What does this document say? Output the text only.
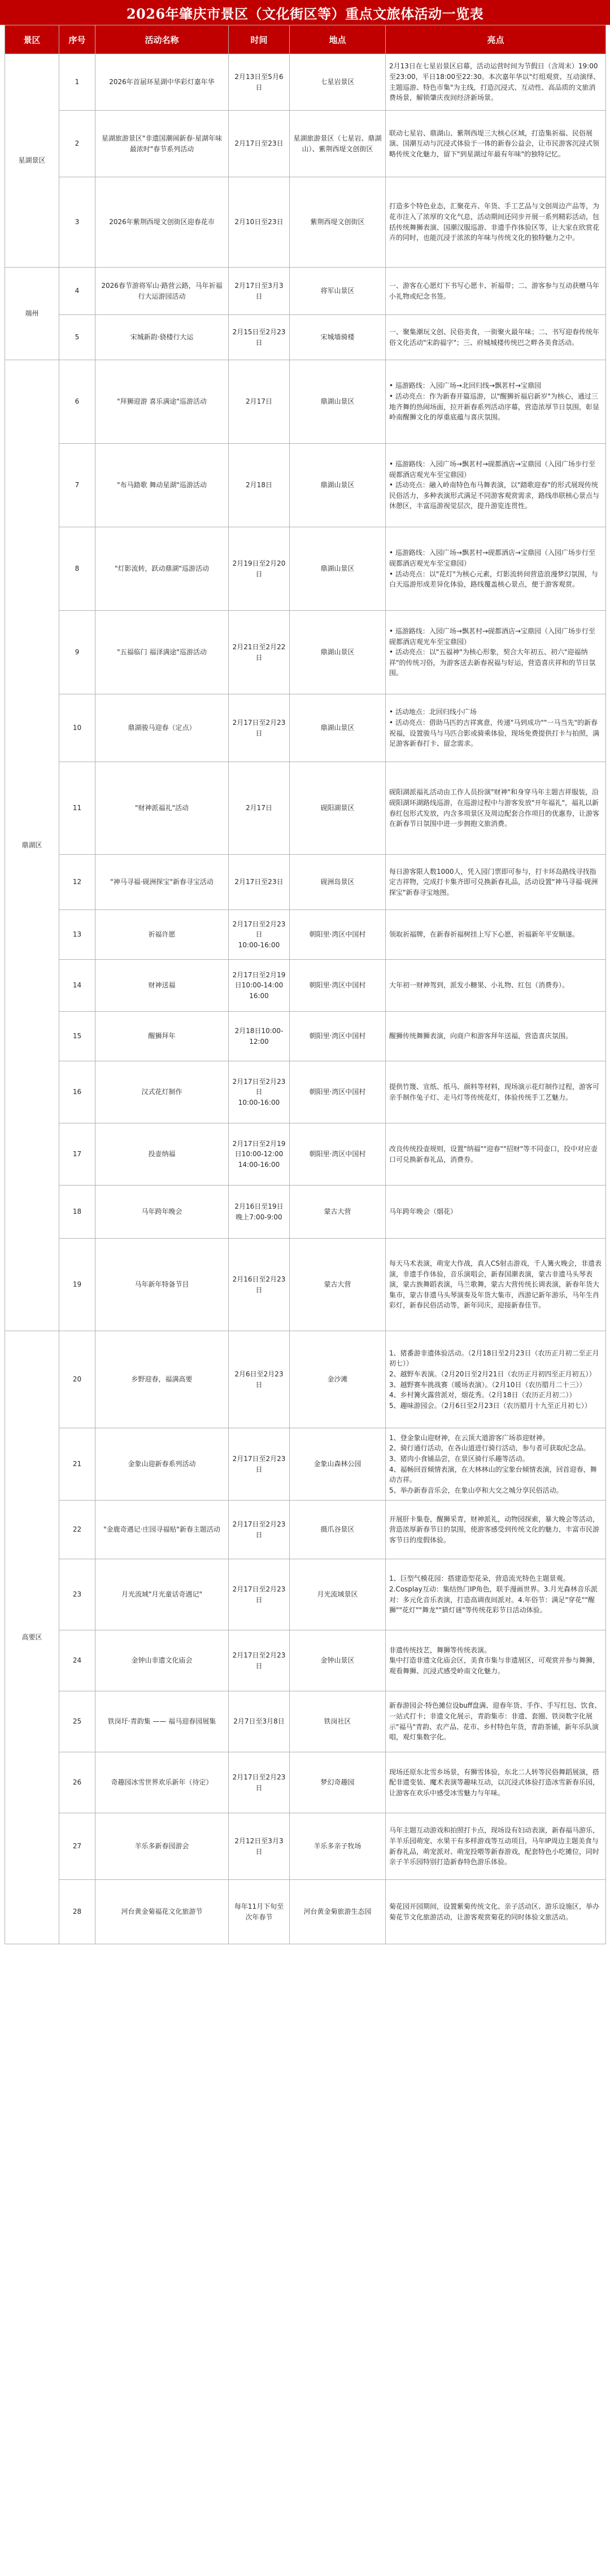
2026年肇庆市景区（文化街区等）重点文旅体活动一览表
景区	序号	活动名称	时间	地点	亮点
星湖景区	1	2026年首届环星湖中华彩灯嘉年华	2月13日至5月6日	七星岩景区	2月13日在七星岩景区启幕，活动运营时间为节假日（含周末）19:00至23:00，平日18:00至22:30。本次嘉年华以"灯组观赏、互动演绎、主题巡游、特色市集"为主线，打造沉浸式、互动性、高品质的文旅消费场景，解锁肇庆夜间经济新场景。
	2	星湖旅游景区"非遗国潮闹新春·星湖年味最浓时"春节系列活动	2月17日至23日	星湖旅游景区（七星岩、鼎湖山）、紫荆西堤文创街区	联动七星岩、鼎湖山、紫荆西堤三大核心区域，打造集祈福、民俗展演、国潮互动与沉浸式体验于一体的新春公益会，让市民游客沉浸式领略传统文化魅力，留下"到星湖过年最有年味"的独特记忆。
	3	2026年紫荆西堤文创街区迎春花市	2月10日至23日	紫荆西堤文创街区	打造多个特色业态，汇聚花卉、年货、手工艺品与文创周边产品等，为花市注入了浓厚的文化气息，活动期间还同步开展一系列精彩活动，包括传统舞狮表演、国潮汉服巡游、非遗手作体验区等，让大家在欣赏花卉的同时，也能沉浸于浓浓的年味与传统文化的独特魅力之中。
端州	4	2026春节游将军山·路营云路，马年祈福行大运游园活动	2月17日至3月3日	将军山景区	一、游客在心愿灯下书写心愿卡、祈福带；二、游客参与互动获赠马年小礼物或纪念书签。
	5	宋城新韵·骁楼行大运	2月15日至2月23日	宋城墙骑楼	一、聚集潮玩文创、民俗美食，一街聚火最年味；二、书写迎春传统年俗文化活动"宋韵福字"；三、府城城楼传统巴之畔各美食活动。
鼎湖区	6	"拜狮迎游 喜乐满途"巡游活动	2月17日	鼎湖山景区	• 巡游路线：入园广场→北回归线→飘茗村→宝鼎园
• 活动亮点：作为新春开篇巡游，以"醒狮祈福启新岁"为核心，通过三地齐舞的热闹场面，拉开新春系列活动序幕，营造浓厚节日氛围，彰显岭南醒狮文化的厚重底蕴与喜庆氛围。
	7	"布马踏歌 舞动星湖"巡游活动	2月18日	鼎湖山景区	• 巡游路线：入园广场→飘茗村→砚都酒店→宝鼎园（入园广场步行至砚都酒店观光车至宝鼎园）
• 活动亮点：融入岭南特色布马舞表演，以"踏歌迎春"的形式展现传统民俗活力，多种表演形式满足不同游客观赏需求，路线串联核心景点与休憩区，丰富巡游视觉层次，提升游览连贯性。
	8	"灯影流转，跃动鼎湖"巡游活动	2月19日至2月20日	鼎湖山景区	• 巡游路线：入园广场→飘茗村→砚都酒店→宝鼎园（入园广场步行至砚都酒店观光车至宝鼎园）
• 活动亮点：以"花灯"为核心元素，灯影流转间营造浪漫梦幻氛围，与白天巡游形成差异化体验，路线覆盖核心景点，便于游客观赏。
	9	"五福临门 福泽满途"巡游活动	2月21日至2月22日	鼎湖山景区	• 巡游路线：入园广场→飘茗村→砚都酒店→宝鼎园（入园广场步行至砚都酒店观光车至宝鼎园）
• 活动亮点：以"五福神"为核心形象，契合大年初五、初六"迎福纳祥"的传统习俗，为游客送去新春祝福与好运，营造喜庆祥和的节日氛围。
	10	鼎湖骏马迎春（定点）	2月17日至2月23日	鼎湖山景区	• 活动地点：北回归线小广场
• 活动亮点：借助马匹的吉祥寓意，传递"马到成功""一马当先"的新春祝福，设置骏马与马匹合影或骑乘体验，现场免费提供打卡与拍照，满足游客新春打卡、留念需求。
	11	"财神派福礼"活动	2月17日	砚阳湖景区	砚阳湖派福礼活动由工作人员扮演"财神"和身穿马年主题吉祥服装，沿砚阳湖环湖路线巡游，在巡游过程中与游客发放"开年福礼"，福礼以新春红包形式发放，内含多项景区及周边配套合作项目的优惠券，让游客在新春节日氛围中进一步拥抱文旅消费。
	12	"神马寻福·砚洲探宝"新春寻宝活动	2月17日至23日	砚洲岛景区	每日游客限人数1000人，凭入园门票即可参与，打卡环岛路线寻找指定吉祥物，完成打卡集齐即可兑换新春礼品，活动设置"神马寻福·砚洲探宝"新春寻宝地图。
	13	祈福许愿	2月17日至2月23日
10:00-16:00	朝阳里·湾区中国村	领取祈福牌，在新春祈福树挂上写下心愿，祈福新年平安顺遂。
	14	财神送福	2月17日至2月19日10:00-14:00
16:00	朝阳里·湾区中国村	大年初一财神驾到，派发小糖果、小礼物、红包（消费券）。
	15	醒狮拜年	2月18日10:00-12:00	朝阳里·湾区中国村	醒狮传统舞狮表演，向商户和游客拜年送福，营造喜庆氛围。
	16	汉式花灯制作	2月17日至2月23日
10:00-16:00	朝阳里·湾区中国村	提供竹篾、宣纸、纸马、颜料等材料，现场演示花灯制作过程，游客可亲手制作兔子灯、走马灯等传统花灯，体验传统手工艺魅力。
	17	投壶纳福	2月17日至2月19日10:00-12:00
14:00-16:00	朝阳里·湾区中国村	改良传统投壶规则，设置"纳福""迎春""招财"等不同壶口，投中对应壶口可兑换新春礼品，消费券。
	18	马年跨年晚会	2月16日至19日晚上7:00-9:00	蒙古大营	马年跨年晚会（烟花）
	19	马年新年特备节目	2月16日至2月23日	蒙古大营	每天马术表演，萌宠大作战，真人CS射击游戏，千人篝火晚会，非遗表演，非遗手作体验，音乐演唱会，新春国潮表演，蒙古非遗马头琴表演，蒙古族舞蹈表演，马兰歌舞，蒙古大营传统长调表演，新春年货大集市，蒙古非遗马头琴演奏及年货大集市，西游记新年游乐，马年生肖彩灯，新春民俗活动等，新年同庆，迎接新春佳节。
高要区	20	乡野迎春，福满高要	2月6日至2月23日	金沙滩	1、猪番游非遗体验活动。（2月18日至2月23日（农历正月初二至正月初七））
2、越野车表演。（2月20日至2月21日（农历正月初四至正月初五））
3、越野赛车挑战赛（暖场表演）。（2月10日（农历腊月二十三））
4、乡村篝火露营派对，烟花秀。（2月18日（农历正月初二））
5、趣味游园会。（2月6日至2月23日（农历腊月十九至正月初七））
	21	金象山迎新春系列活动	2月17日至2月23日	金象山森林公园	1、登金象山迎财神，在云顶大道游客广场恭迎财神。
2、骑行通行活动，在各山道进行骑行活动，参与者可获取纪念品。
3、猪肉小食铺品尝，在景区骑行乐趣等活动。
4、福畅回首倾情表演，在大林林山的宝象台倾情表演，回首迎春，舞动吉祥。
5、举办新春音乐会，在象山亭和大交之城分享民俗活动。
	22	"金鹿奇遇记·庄园寻福贴"新春主题活动	2月17日至2月23日	摄爪谷景区	开展肝卡集卷，醒狮采青，财神派礼，动物园探索，暴大晚会等活动，营造浓厚新春节日的氛围，使游客感受到传统文化的魅力，丰富市民游客节日的度假体验。
	23	月光流域"月光童话奇遇记"	2月17日至2月23日	月光流域景区	1、巨型气模花园：搭建造型花朵，营造流光特色主题景观。2.Cosplay互动：集结热门IP角色，联手漫画世界。3.月光森林音乐派对：多元化音乐表演，打造高调夜间派对。4.年俗节：满足"穿花""醒狮""花灯""舞龙""猜灯谜"等传统花彩节日活动体验。
	24	金钟山非遗文化庙会	2月17日至2月23日	金钟山景区	非遗传统技艺，舞狮等传统表演。
集中打造非遗文化庙会区，美食市集与非遗展区，可观赏并参与舞狮，观看舞狮、沉浸式感受岭南文化魅力。
	25	铁岗圩·青韵集 —— 福马迎春园展集	2月7日至3月8日	铁岗社区	新春游园会·特色摊位设buff盘满、迎春年货、手作、手写红包、饮食、一站式打卡；非遗文化展示，青韵集市：非遗、套圈、铁岗数字化展示"福马"青韵、农产品、花市、乡村特色年货，青韵茶铺，新年乐队演唱，观灯集数字化。
	26	奇趣园冰雪世界欢乐新年（待定）	2月17日至2月23日	梦幻奇趣园	现场还原东北雪乡场景，有狮雪体验，东北二人转等民俗舞蹈展演，搭配非遗变装、魔术表演等趣味互动，以沉浸式体验打造冰雪新春乐园，让游客在欢乐中感受冰雪魅力与年味。
	27	羊乐多新春园游会	2月12日至3月3日	羊乐多亲子牧场	马年主题互动游戏和拍照打卡点，现场设有妇动表演，新春福马游乐，羊羊乐园萌宠、水果干有多样游戏等互动项目，马年IP周边主题美食与新春礼品，萌宠派对、萌宠投喂等新春游戏，配套特色小吃摊位，同时亲子羊乐园特别打造新春特色游乐体验。
	28	河台黄金菊福花文化旅游节	每年11月下旬至次年春节	河台黄金菊旅游生态园	菊花园开园期间，设置紫菊传统文化、亲子活动区、游乐设施区，举办菊花节文化旅游活动，让游客观赏菊花的同时体验文旅活动。
